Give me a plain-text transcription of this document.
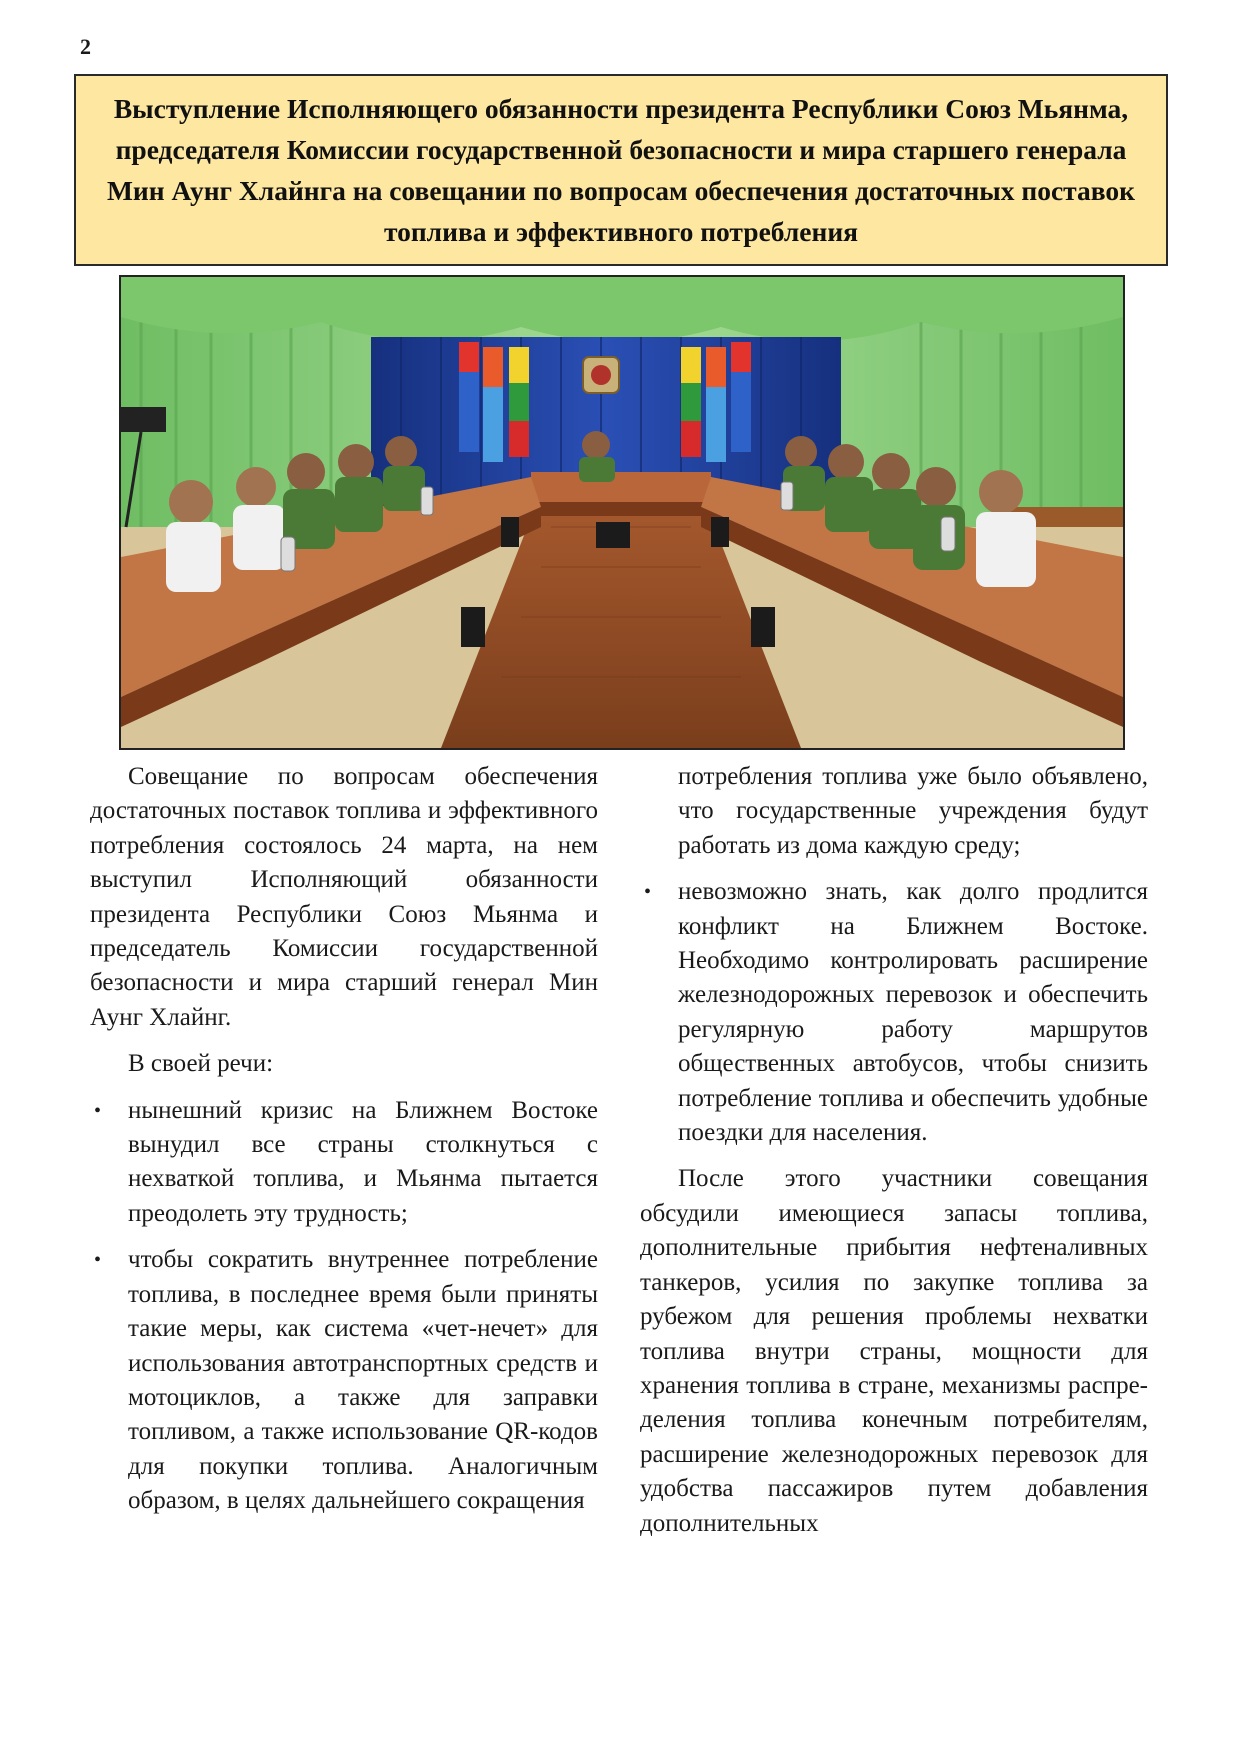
2
Выступление Исполняющего обязанности президента Республики Союз Мьянма, председателя Комиссии государственной безопасности и мира старшего генерала Мин Аунг Хлайнга на совещании по вопросам обеспечения достаточных поставок топлива и эффективного потребления

Совещание по вопросам обеспечения достаточных поставок топлива и эффективного потребления состоялось 24 марта, на нем выступил Исполняющий обязанности президента Республики Союз Мьянма и председатель Комиссии государственной безопасности и мира старший генерал Мин Аунг Хлайнг.

В своей речи:

• нынешний кризис на Ближнем Востоке вынудил все страны столкнуться с нехваткой топлива, и Мьянма пытается преодолеть эту трудность;
• чтобы сократить внутреннее потребление топлива, в последнее время были приняты такие меры, как система «чет-нечет» для использования автотранспортных средств и мотоциклов, а также для заправки топливом, а также использование QR-кодов для покупки топлива. Аналогичным образом, в целях дальнейшего сокращения

потребления топлива уже было объявлено, что государственные учреждения будут работать из дома каждую среду;

• невозможно знать, как долго продлится конфликт на Ближнем Востоке. Необходимо контролировать расширение железнодорожных перевозок и обеспечить регулярную работу маршрутов общественных автобусов, чтобы снизить потребление топлива и обеспечить удобные поездки для населения.

После этого участники совещания обсудили имеющиеся запасы топлива, дополнительные прибытия нефтеналивных танкеров, усилия по закупке топлива за рубежом для решения проблемы нехватки топлива внутри страны, мощности для хранения топлива в стране, механизмы распределения топлива конечным потребителям, расширение железнодорожных перевозок для удобства пассажиров путем добавления дополнительных
